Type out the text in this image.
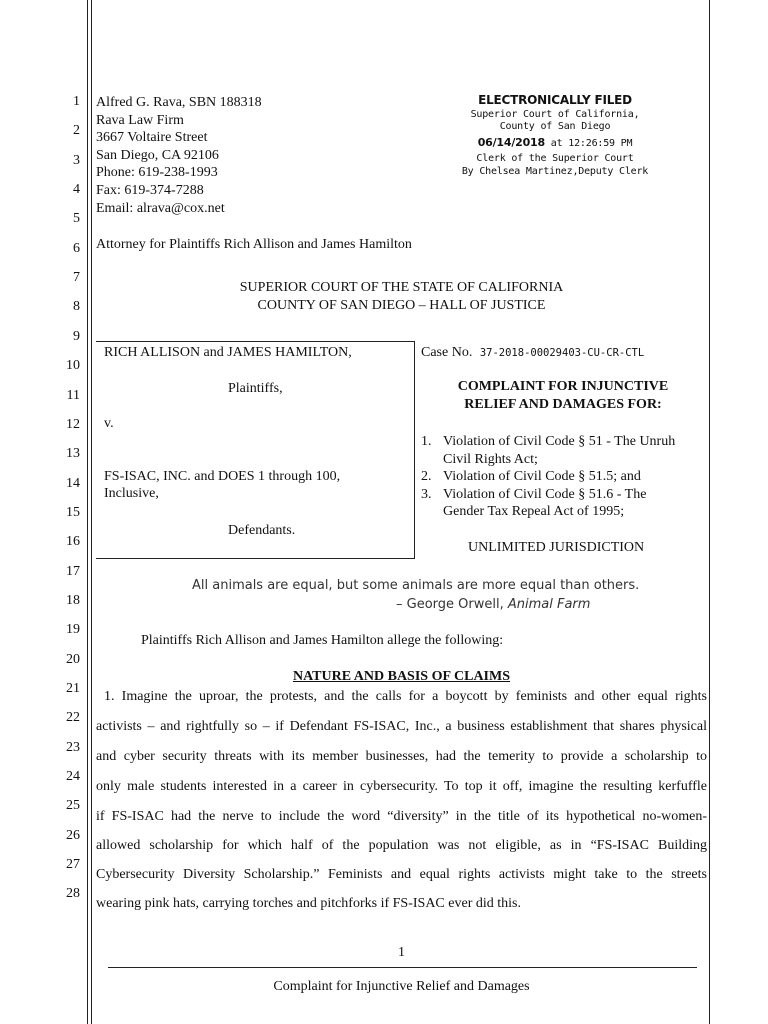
1
2
3
4
5
6
7
8
9
10
11
12
13
14
15
16
17
18
19
20
21
22
23
24
25
26
27
28
Alfred G. Rava, SBN 188318
Rava Law Firm
3667 Voltaire Street
San Diego, CA 92106
Phone: 619-238-1993
Fax: 619-374-7288
Email: alrava@cox.net
ELECTRONICALLY FILED
Superior Court of California,
County of San Diego
06/14/2018 at 12:26:59 PM
Clerk of the Superior Court
By Chelsea Martinez,Deputy Clerk
Attorney for Plaintiffs Rich Allison and James Hamilton
SUPERIOR COURT OF THE STATE OF CALIFORNIA
COUNTY OF SAN DIEGO – HALL OF JUSTICE
RICH ALLISON and JAMES HAMILTON,
Plaintiffs,
v.
FS-ISAC, INC. and DOES 1 through 100,
Inclusive,
Defendants.
Case No. 37-2018-00029403-CU-CR-CTL
COMPLAINT FOR INJUNCTIVE
RELIEF AND DAMAGES FOR:
1. Violation of Civil Code § 51 - The Unruh
Civil Rights Act;
2. Violation of Civil Code § 51.5; and
3. Violation of Civil Code § 51.6 - The
Gender Tax Repeal Act of 1995;
UNLIMITED JURISDICTION
All animals are equal, but some animals are more equal than others.
– George Orwell, Animal Farm
Plaintiffs Rich Allison and James Hamilton allege the following:
NATURE AND BASIS OF CLAIMS
1. Imagine the uproar, the protests, and the calls for a boycott by feminists and other equal rights
activists – and rightfully so – if Defendant FS-ISAC, Inc., a business establishment that shares physical
and cyber security threats with its member businesses, had the temerity to provide a scholarship to
only male students interested in a career in cybersecurity. To top it off, imagine the resulting kerfuffle
if FS-ISAC had the nerve to include the word “diversity” in the title of its hypothetical no-women-
allowed scholarship for which half of the population was not eligible, as in “FS-ISAC Building
Cybersecurity Diversity Scholarship.” Feminists and equal rights activists might take to the streets
wearing pink hats, carrying torches and pitchforks if FS-ISAC ever did this.
1
Complaint for Injunctive Relief and Damages
